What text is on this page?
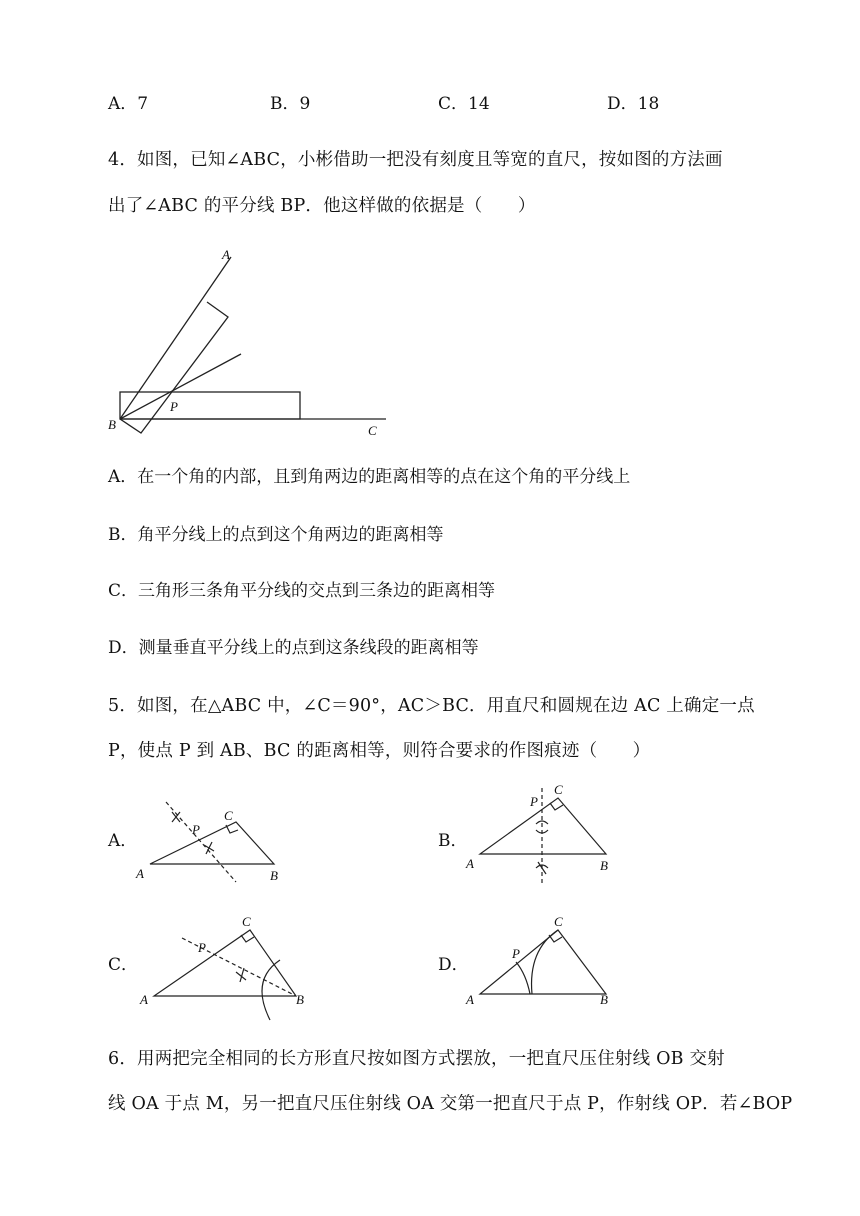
A．7	B．9	C．14	D．18
4．如图，已知∠ABC，小彬借助一把没有刻度且等宽的直尺，按如图的方法画
出了∠ABC 的平分线 BP．他这样做的依据是（　　）
A
P
B	C
A．在一个角的内部，且到角两边的距离相等的点在这个角的平分线上
B．角平分线上的点到这个角两边的距离相等
C．三角形三条角平分线的交点到三条边的距离相等
D．测量垂直平分线上的点到这条线段的距离相等
5．如图，在△ABC 中，∠C＝90°，AC＞BC．用直尺和圆规在边 AC 上确定一点
P，使点 P 到 AB、BC 的距离相等，则符合要求的作图痕迹（　　）
A．	B．
C．	D．
C
P
A	B
C
P
A	B
C
P
A	B
C
P
A	B
6．用两把完全相同的长方形直尺按如图方式摆放，一把直尺压住射线 OB 交射
线 OA 于点 M，另一把直尺压住射线 OA 交第一把直尺于点 P，作射线 OP．若∠BOP
